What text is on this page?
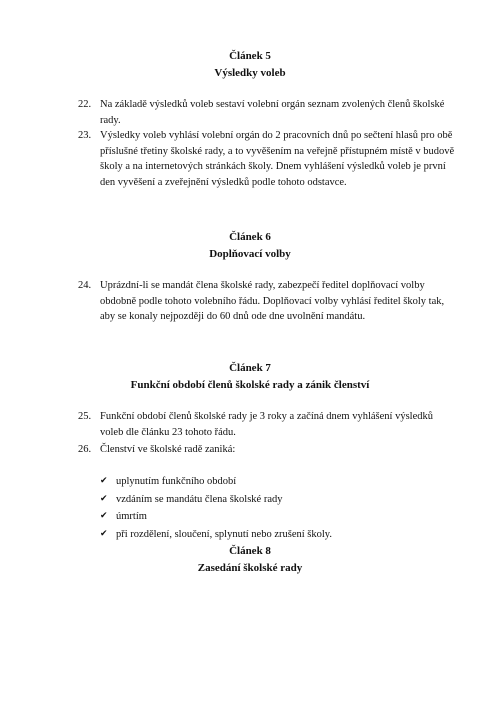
Článek 5
Výsledky voleb
22. Na základě výsledků voleb sestaví volební orgán seznam zvolených členů školské rady.
23. Výsledky voleb vyhlásí volební orgán do 2 pracovních dnů po sečtení hlasů pro obě příslušné třetiny školské rady, a to vyvěšením na veřejně přístupném místě v budově školy a na internetových stránkách školy. Dnem vyhlášení výsledků voleb je první den vyvěšení a zveřejnění výsledků podle tohoto odstavce.
Článek 6
Doplňovací volby
24. Uprázdní-li se mandát člena školské rady, zabezpečí ředitel doplňovací volby obdobně podle tohoto volebního řádu. Doplňovací volby vyhlásí ředitel školy tak, aby se konaly nejpozději do 60 dnů ode dne uvolnění mandátu.
Článek 7
Funkční období členů školské rady a zánik členství
25. Funkční období členů školské rady je 3 roky a začíná dnem vyhlášení výsledků voleb dle článku 23 tohoto řádu.
26. Členství ve školské radě zaniká:
✔ uplynutím funkčního období
✔ vzdáním se mandátu člena školské rady
✔ úmrtím
✔ při rozdělení, sloučení, splynutí nebo zrušení školy.
Článek 8
Zasedání školské rady
